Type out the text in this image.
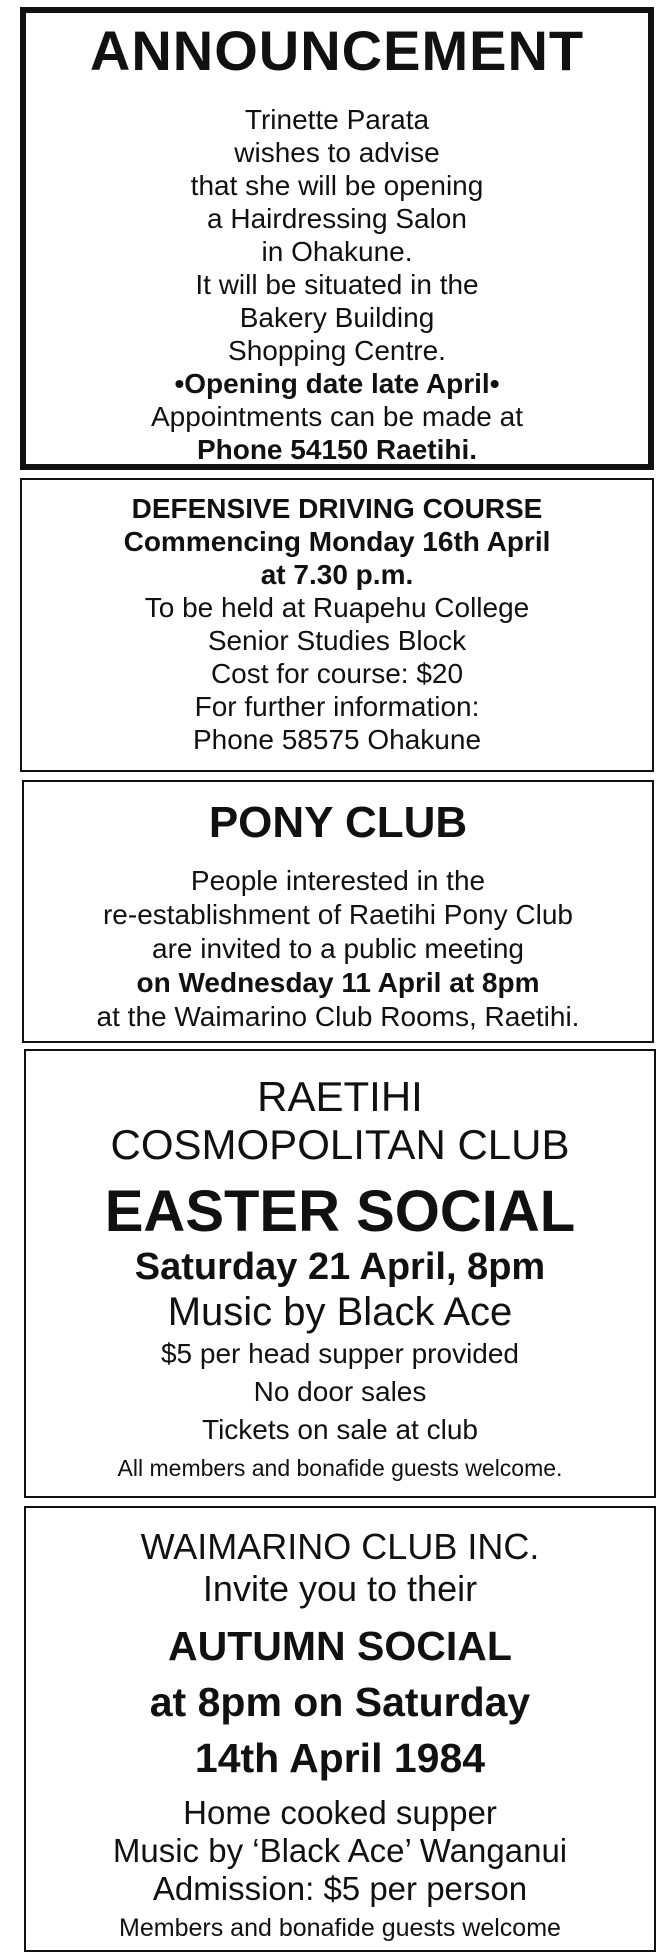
ANNOUNCEMENT
Trinette Parata
wishes to advise
that she will be opening
a Hairdressing Salon
in Ohakune.
It will be situated in the
Bakery Building
Shopping Centre.
•Opening date late April•
Appointments can be made at
Phone 54150 Raetihi.
DEFENSIVE DRIVING COURSE
Commencing Monday 16th April
at 7.30 p.m.
To be held at Ruapehu College
Senior Studies Block
Cost for course: $20
For further information:
Phone 58575 Ohakune
PONY CLUB
People interested in the
re-establishment of Raetihi Pony Club
are invited to a public meeting
on Wednesday 11 April at 8pm
at the Waimarino Club Rooms, Raetihi.
RAETIHI
COSMOPOLITAN CLUB
EASTER SOCIAL
Saturday 21 April, 8pm
Music by Black Ace
$5 per head supper provided
No door sales
Tickets on sale at club
All members and bonafide guests welcome.
WAIMARINO CLUB INC.
Invite you to their
AUTUMN SOCIAL
at 8pm on Saturday
14th April 1984
Home cooked supper
Music by ‘Black Ace’ Wanganui
Admission: $5 per person
Members and bonafide guests welcome
